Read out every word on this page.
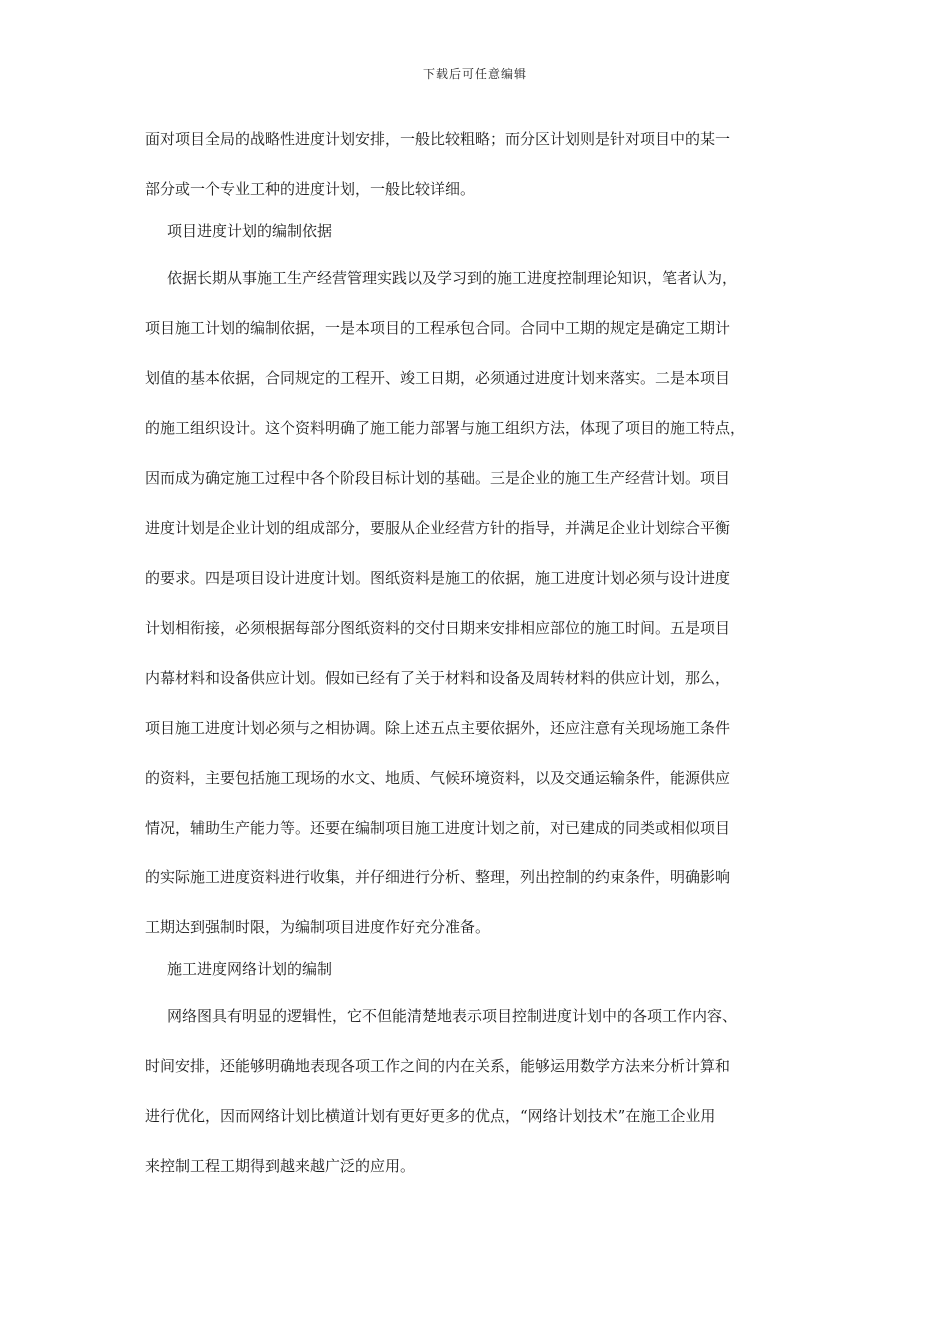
下载后可任意编辑
面对项目全局的战略性进度计划安排，一般比较粗略；而分区计划则是针对项目中的某一
部分或一个专业工种的进度计划，一般比较详细。
项目进度计划的编制依据
依据长期从事施工生产经营管理实践以及学习到的施工进度控制理论知识，笔者认为，
项目施工计划的编制依据，一是本项目的工程承包合同。合同中工期的规定是确定工期计
划值的基本依据，合同规定的工程开、竣工日期，必须通过进度计划来落实。二是本项目
的施工组织设计。这个资料明确了施工能力部署与施工组织方法，体现了项目的施工特点，
因而成为确定施工过程中各个阶段目标计划的基础。三是企业的施工生产经营计划。项目
进度计划是企业计划的组成部分，要服从企业经营方针的指导，并满足企业计划综合平衡
的要求。四是项目设计进度计划。图纸资料是施工的依据，施工进度计划必须与设计进度
计划相衔接，必须根据每部分图纸资料的交付日期来安排相应部位的施工时间。五是项目
内幕材料和设备供应计划。假如已经有了关于材料和设备及周转材料的供应计划，那么，
项目施工进度计划必须与之相协调。除上述五点主要依据外，还应注意有关现场施工条件
的资料，主要包括施工现场的水文、地质、气候环境资料，以及交通运输条件，能源供应
情况，辅助生产能力等。还要在编制项目施工进度计划之前，对已建成的同类或相似项目
的实际施工进度资料进行收集，并仔细进行分析、整理，列出控制的约束条件，明确影响
工期达到强制时限，为编制项目进度作好充分准备。
施工进度网络计划的编制
网络图具有明显的逻辑性，它不但能清楚地表示项目控制进度计划中的各项工作内容、
时间安排，还能够明确地表现各项工作之间的内在关系，能够运用数学方法来分析计算和
进行优化，因而网络计划比横道计划有更好更多的优点，“网络计划技术”在施工企业用
来控制工程工期得到越来越广泛的应用。
